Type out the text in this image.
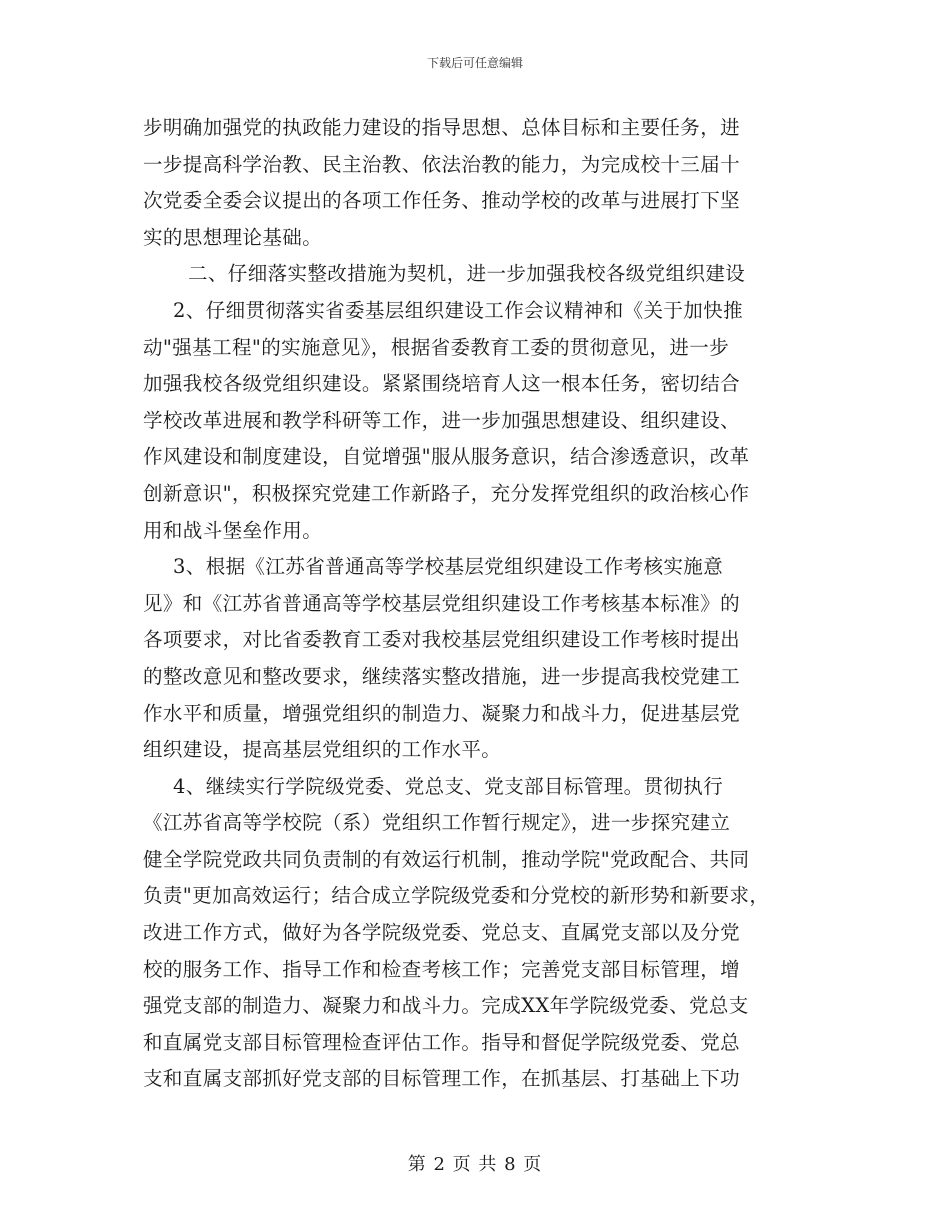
下载后可任意编辑
步明确加强党的执政能力建设的指导思想、总体目标和主要任务，进
一步提高科学治教、民主治教、依法治教的能力，为完成校十三届十
次党委全委会议提出的各项工作任务、推动学校的改革与进展打下坚
实的思想理论基础。
二、仔细落实整改措施为契机，进一步加强我校各级党组织建设
2、仔细贯彻落实省委基层组织建设工作会议精神和《关于加快推
动"强基工程"的实施意见》，根据省委教育工委的贯彻意见，进一步
加强我校各级党组织建设。紧紧围绕培育人这一根本任务，密切结合
学校改革进展和教学科研等工作，进一步加强思想建设、组织建设、
作风建设和制度建设，自觉增强"服从服务意识，结合渗透意识，改革
创新意识"，积极探究党建工作新路子，充分发挥党组织的政治核心作
用和战斗堡垒作用。
3、根据《江苏省普通高等学校基层党组织建设工作考核实施意
见》和《江苏省普通高等学校基层党组织建设工作考核基本标准》的
各项要求，对比省委教育工委对我校基层党组织建设工作考核时提出
的整改意见和整改要求，继续落实整改措施，进一步提高我校党建工
作水平和质量，增强党组织的制造力、凝聚力和战斗力，促进基层党
组织建设，提高基层党组织的工作水平。
4、继续实行学院级党委、党总支、党支部目标管理。贯彻执行
《江苏省高等学校院（系）党组织工作暂行规定》，进一步探究建立
健全学院党政共同负责制的有效运行机制，推动学院"党政配合、共同
负责"更加高效运行；结合成立学院级党委和分党校的新形势和新要求，
改进工作方式，做好为各学院级党委、党总支、直属党支部以及分党
校的服务工作、指导工作和检查考核工作；完善党支部目标管理，增
强党支部的制造力、凝聚力和战斗力。完成XX年学院级党委、党总支
和直属党支部目标管理检查评估工作。指导和督促学院级党委、党总
支和直属支部抓好党支部的目标管理工作，在抓基层、打基础上下功
第 2 页 共 8 页
